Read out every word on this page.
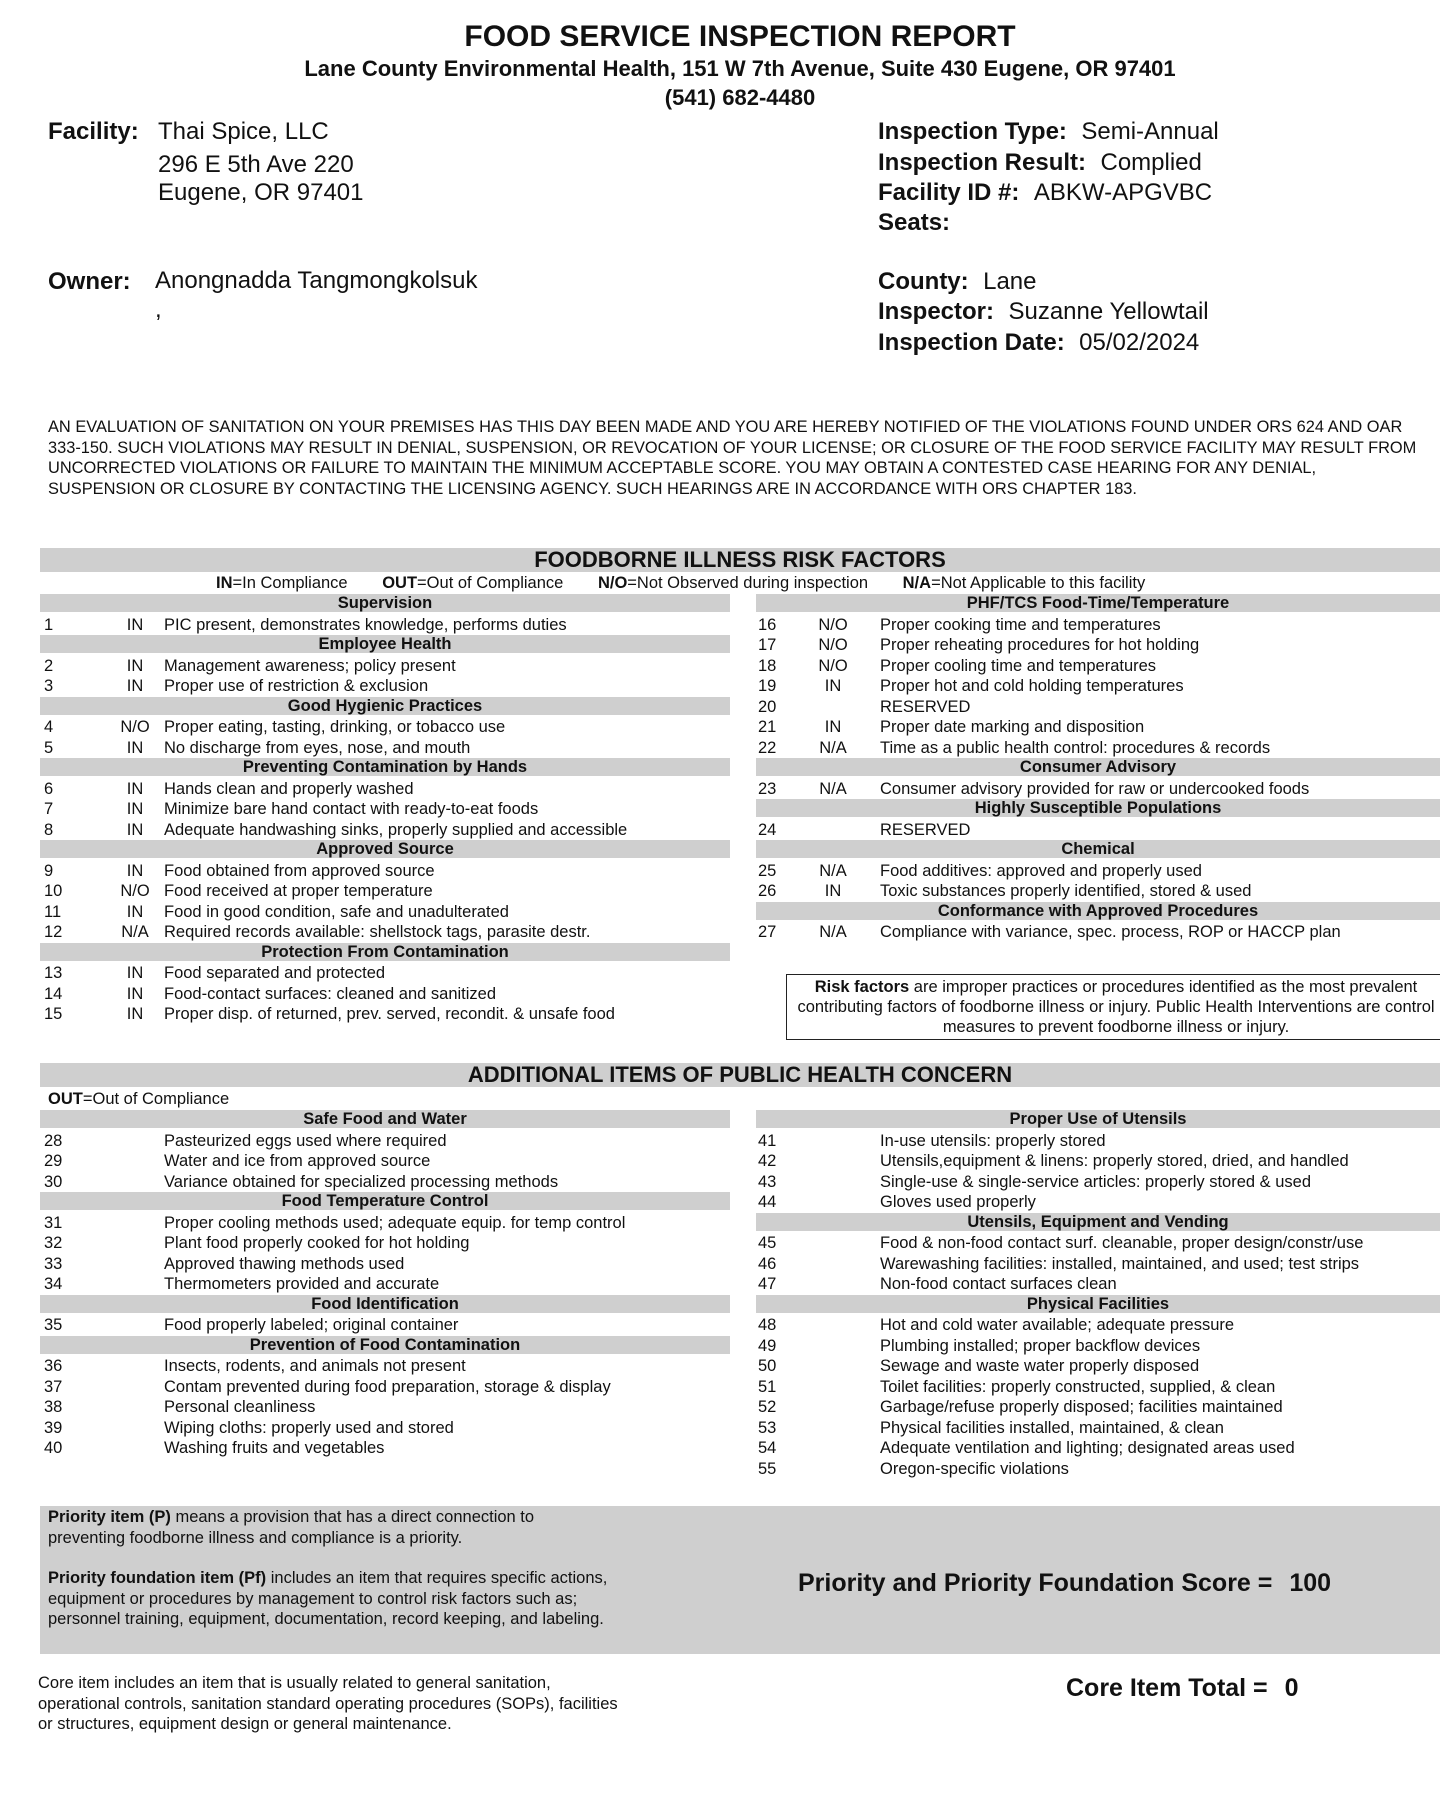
FOOD SERVICE INSPECTION REPORT
Lane County Environmental Health, 151 W 7th Avenue, Suite 430 Eugene, OR 97401
(541) 682-4480
Facility: Thai Spice, LLC
296 E 5th Ave 220
Eugene, OR 97401
Owner: Anongnadda Tangmongkolsuk
,
Inspection Type: Semi-Annual
Inspection Result: Complied
Facility ID #: ABKW-APGVBC
Seats:
County: Lane
Inspector: Suzanne Yellowtail
Inspection Date: 05/02/2024
AN EVALUATION OF SANITATION ON YOUR PREMISES HAS THIS DAY BEEN MADE AND YOU ARE HEREBY NOTIFIED OF THE VIOLATIONS FOUND UNDER ORS 624 AND OAR 333-150. SUCH VIOLATIONS MAY RESULT IN DENIAL, SUSPENSION, OR REVOCATION OF YOUR LICENSE; OR CLOSURE OF THE FOOD SERVICE FACILITY MAY RESULT FROM UNCORRECTED VIOLATIONS OR FAILURE TO MAINTAIN THE MINIMUM ACCEPTABLE SCORE. YOU MAY OBTAIN A CONTESTED CASE HEARING FOR ANY DENIAL, SUSPENSION OR CLOSURE BY CONTACTING THE LICENSING AGENCY. SUCH HEARINGS ARE IN ACCORDANCE WITH ORS CHAPTER 183.
FOODBORNE ILLNESS RISK FACTORS
IN=In Compliance OUT=Out of Compliance N/O=Not Observed during inspection N/A=Not Applicable to this facility
Supervision
1	IN	PIC present, demonstrates knowledge, performs duties
Employee Health
2	IN	Management awareness; policy present
3	IN	Proper use of restriction & exclusion
Good Hygienic Practices
4	N/O Proper eating, tasting, drinking, or tobacco use
5	IN	No discharge from eyes, nose, and mouth
Preventing Contamination by Hands
6	IN	Hands clean and properly washed
7	IN	Minimize bare hand contact with ready-to-eat foods
8	IN	Adequate handwashing sinks, properly supplied and accessible
Approved Source
9	IN	Food obtained from approved source
10	N/O Food received at proper temperature
11	IN	Food in good condition, safe and unadulterated
12	N/A Required records available: shellstock tags, parasite destr.
Protection From Contamination
13	IN	Food separated and protected
14	IN	Food-contact surfaces: cleaned and sanitized
15	IN	Proper disp. of returned, prev. served, recondit. & unsafe food
PHF/TCS Food-Time/Temperature
16	N/O	Proper cooking time and temperatures
17	N/O	Proper reheating procedures for hot holding
18	N/O	Proper cooling time and temperatures
19	IN	Proper hot and cold holding temperatures
20	RESERVED
21	IN	Proper date marking and disposition
22	N/A	Time as a public health control: procedures & records
Consumer Advisory
23	N/A	Consumer advisory provided for raw or undercooked foods
Highly Susceptible Populations
24	RESERVED
Chemical
25	N/A	Food additives: approved and properly used
26	IN	Toxic substances properly identified, stored & used
Conformance with Approved Procedures
27	N/A	Compliance with variance, spec. process, ROP or HACCP plan
Risk factors are improper practices or procedures identified as the most prevalent contributing factors of foodborne illness or injury. Public Health Interventions are control measures to prevent foodborne illness or injury.
ADDITIONAL ITEMS OF PUBLIC HEALTH CONCERN
OUT=Out of Compliance
Safe Food and Water
28	Pasteurized eggs used where required
29	Water and ice from approved source
30	Variance obtained for specialized processing methods
Food Temperature Control
31	Proper cooling methods used; adequate equip. for temp control
32	Plant food properly cooked for hot holding
33	Approved thawing methods used
34	Thermometers provided and accurate
Food Identification
35	Food properly labeled; original container
Prevention of Food Contamination
36	Insects, rodents, and animals not present
37	Contam prevented during food preparation, storage & display
38	Personal cleanliness
39	Wiping cloths: properly used and stored
40	Washing fruits and vegetables
Proper Use of Utensils
41	In-use utensils: properly stored
42	Utensils,equipment & linens: properly stored, dried, and handled
43	Single-use & single-service articles: properly stored & used
44	Gloves used properly
Utensils, Equipment and Vending
45	Food & non-food contact surf. cleanable, proper design/constr/use
46	Warewashing facilities: installed, maintained, and used; test strips
47	Non-food contact surfaces clean
Physical Facilities
48	Hot and cold water available; adequate pressure
49	Plumbing installed; proper backflow devices
50	Sewage and waste water properly disposed
51	Toilet facilities: properly constructed, supplied, & clean
52	Garbage/refuse properly disposed; facilities maintained
53	Physical facilities installed, maintained, & clean
54	Adequate ventilation and lighting; designated areas used
55	Oregon-specific violations
Priority item (P) means a provision that has a direct connection to preventing foodborne illness and compliance is a priority.
Priority foundation item (Pf) includes an item that requires specific actions, equipment or procedures by management to control risk factors such as; personnel training, equipment, documentation, record keeping, and labeling.
Priority and Priority Foundation Score = 100
Core item includes an item that is usually related to general sanitation, operational controls, sanitation standard operating procedures (SOPs), facilities or structures, equipment design or general maintenance.
Core Item Total = 0
